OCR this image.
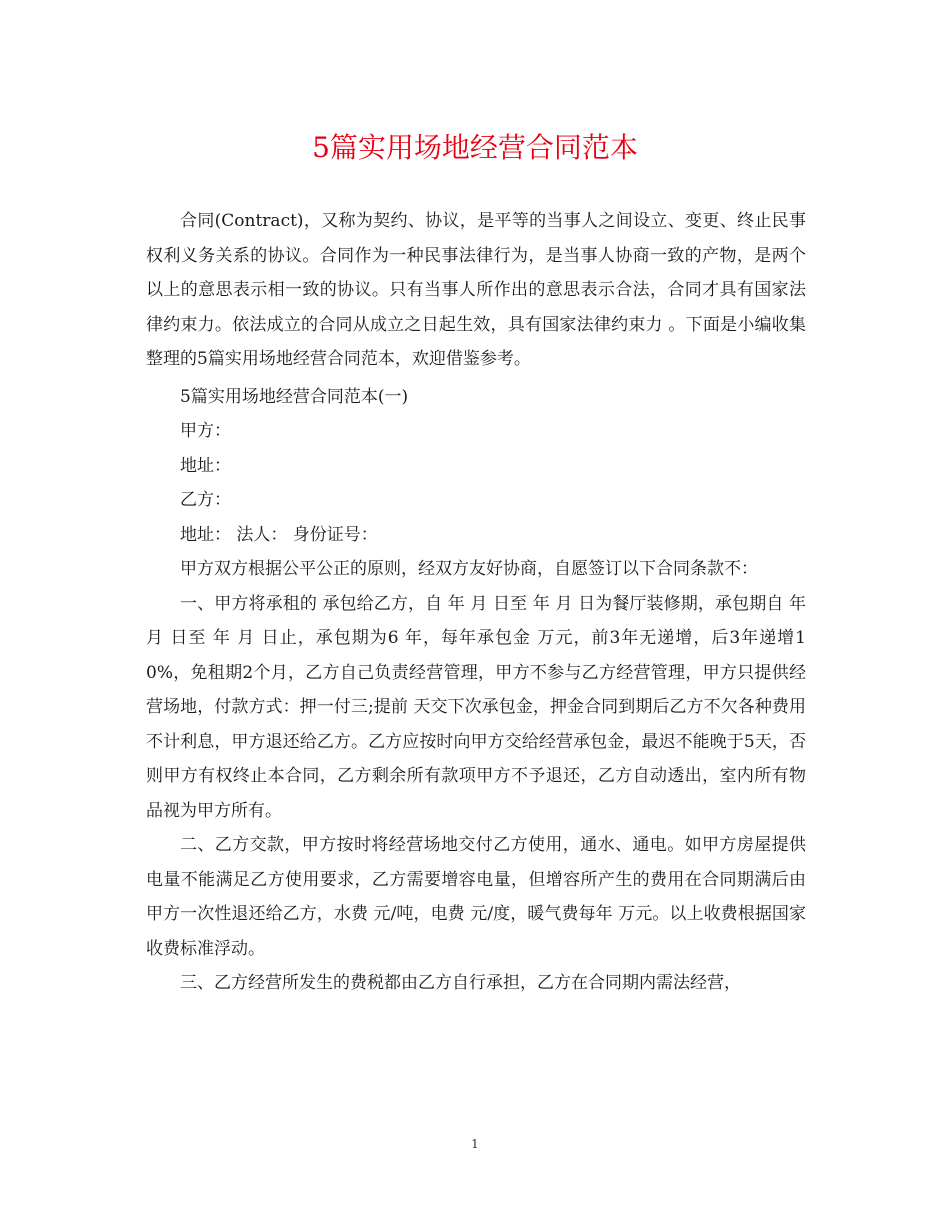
5篇实用场地经营合同范本

合同(Contract)，又称为契约、协议，是平等的当事人之间设立、变更、终止民事权利义务关系的协议。合同作为一种民事法律行为，是当事人协商一致的产物，是两个以上的意思表示相一致的协议。只有当事人所作出的意思表示合法，合同才具有国家法律约束力。依法成立的合同从成立之日起生效，具有国家法律约束力 。下面是小编收集整理的5篇实用场地经营合同范本，欢迎借鉴参考。

5篇实用场地经营合同范本(一)

甲方：

地址：

乙方：

地址： 法人： 身份证号：

甲方双方根据公平公正的原则，经双方友好协商，自愿签订以下合同条款不：

一、甲方将承租的 承包给乙方，自 年 月 日至 年 月 日为餐厅装修期，承包期自 年 月 日至 年 月 日止，承包期为6 年，每年承包金 万元，前3年无递增，后3年递增10%，免租期2个月，乙方自己负责经营管理，甲方不参与乙方经营管理，甲方只提供经营场地，付款方式：押一付三;提前 天交下次承包金，押金合同到期后乙方不欠各种费用不计利息，甲方退还给乙方。乙方应按时向甲方交给经营承包金，最迟不能晚于5天，否则甲方有权终止本合同，乙方剩余所有款项甲方不予退还，乙方自动透出，室内所有物品视为甲方所有。

二、乙方交款，甲方按时将经营场地交付乙方使用，通水、通电。如甲方房屋提供电量不能满足乙方使用要求，乙方需要增容电量，但增容所产生的费用在合同期满后由甲方一次性退还给乙方，水费 元/吨，电费 元/度，暖气费每年 万元。以上收费根据国家收费标准浮动。

三、乙方经营所发生的费税都由乙方自行承担，乙方在合同期内需法经营，

1
